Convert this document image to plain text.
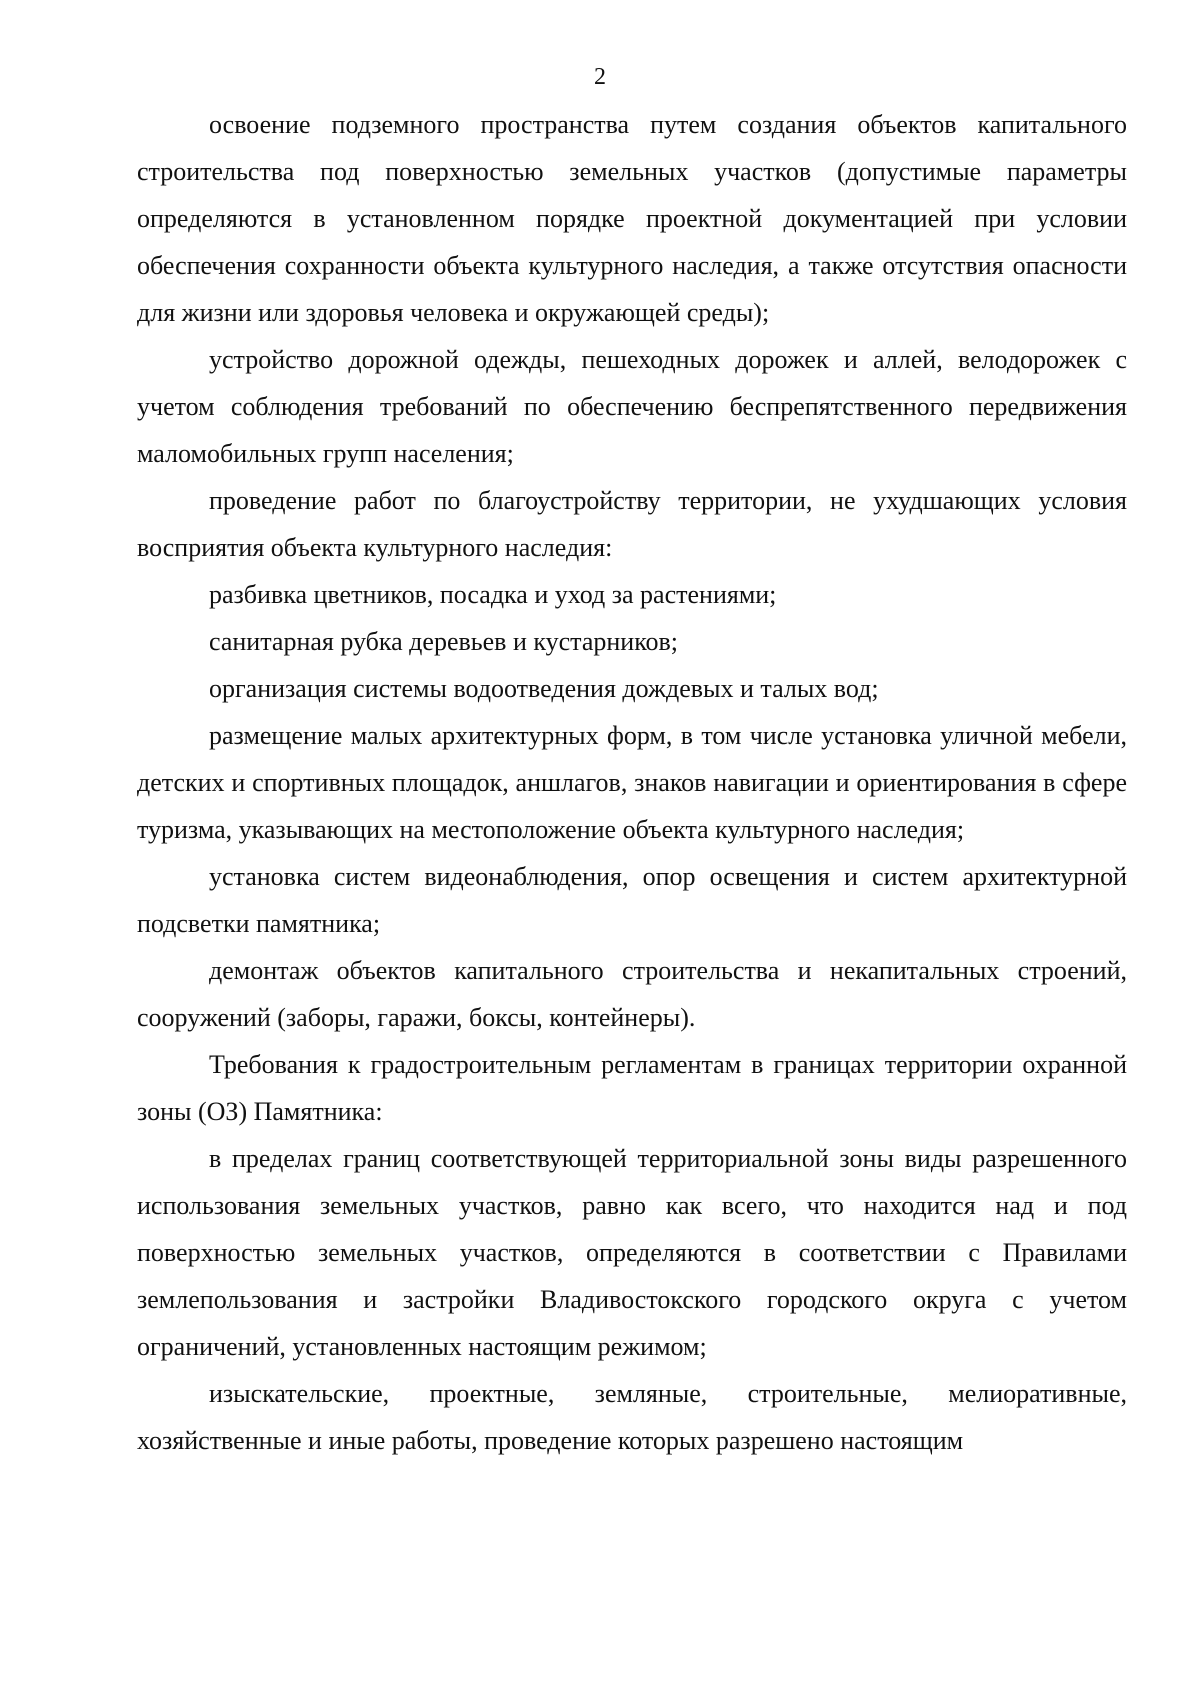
2

освоение подземного пространства путем создания объектов капитального строительства под поверхностью земельных участков (допустимые параметры определяются в установленном порядке проектной документацией при условии обеспечения сохранности объекта культурного наследия, а также отсутствия опасности для жизни или здоровья человека и окружающей среды);

устройство дорожной одежды, пешеходных дорожек и аллей, велодорожек с учетом соблюдения требований по обеспечению беспрепятственного передвижения маломобильных групп населения;

проведение работ по благоустройству территории, не ухудшающих условия восприятия объекта культурного наследия:

разбивка цветников, посадка и уход за растениями;

санитарная рубка деревьев и кустарников;

организация системы водоотведения дождевых и талых вод;

размещение малых архитектурных форм, в том числе установка уличной мебели, детских и спортивных площадок, аншлагов, знаков навигации и ориентирования в сфере туризма, указывающих на местоположение объекта культурного наследия;

установка систем видеонаблюдения, опор освещения и систем архитектурной подсветки памятника;

демонтаж объектов капитального строительства и некапитальных строений, сооружений (заборы, гаражи, боксы, контейнеры).

Требования к градостроительным регламентам в границах территории охранной зоны (ОЗ) Памятника:

в пределах границ соответствующей территориальной зоны виды разрешенного использования земельных участков, равно как всего, что находится над и под поверхностью земельных участков, определяются в соответствии с Правилами землепользования и застройки Владивостокского городского округа с учетом ограничений, установленных настоящим режимом;

изыскательские, проектные, земляные, строительные, мелиоративные, хозяйственные и иные работы, проведение которых разрешено настоящим
